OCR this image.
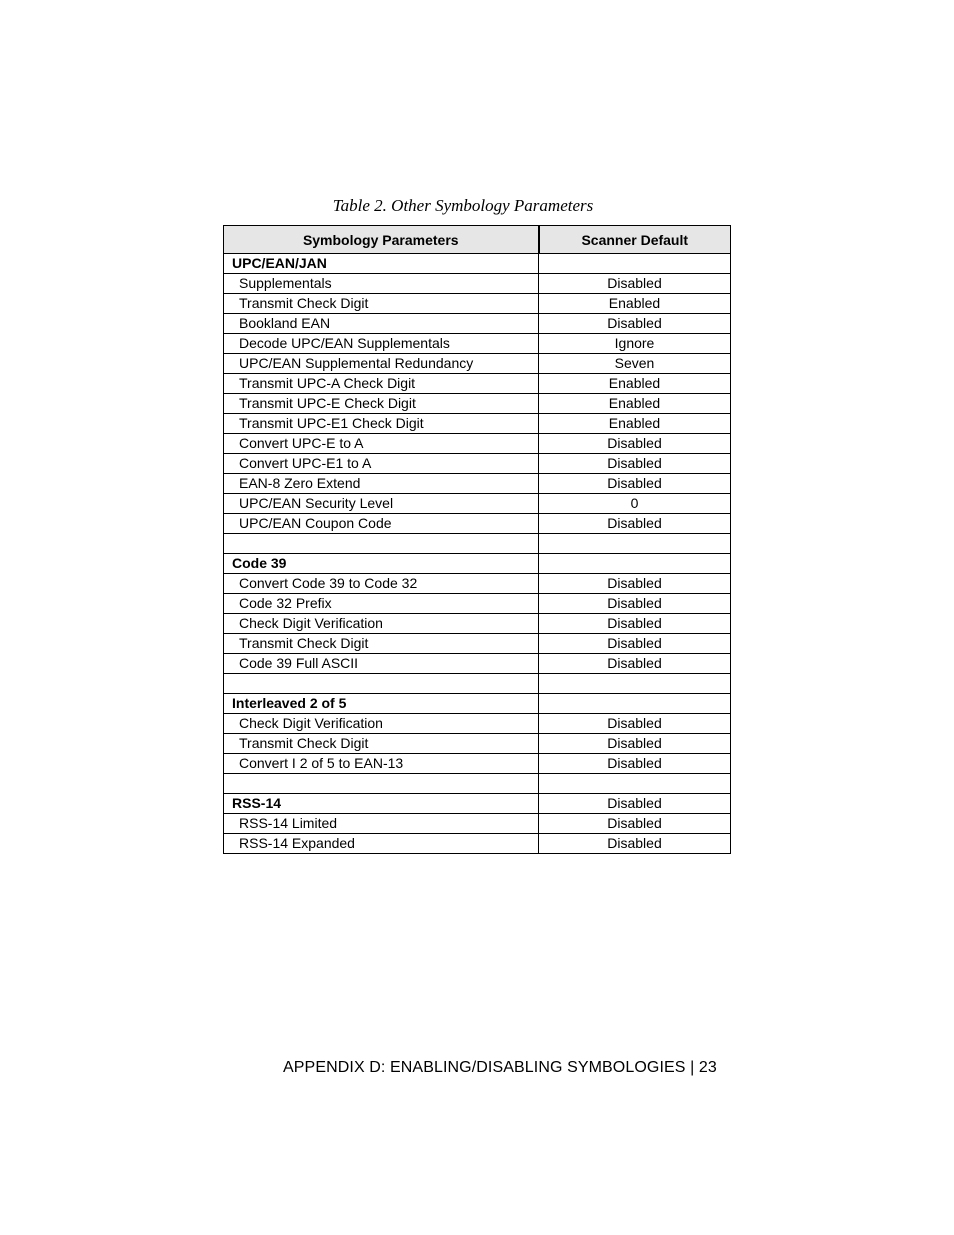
Table 2. Other Symbology Parameters
Symbology Parameters	Scanner Default
UPC/EAN/JAN	
Supplementals	Disabled
Transmit Check Digit	Enabled
Bookland EAN	Disabled
Decode UPC/EAN Supplementals	Ignore
UPC/EAN Supplemental Redundancy	Seven
Transmit UPC-A Check Digit	Enabled
Transmit UPC-E Check Digit	Enabled
Transmit UPC-E1 Check Digit	Enabled
Convert UPC-E to A	Disabled
Convert UPC-E1 to A	Disabled
EAN-8 Zero Extend	Disabled
UPC/EAN Security Level	0
UPC/EAN Coupon Code	Disabled

Code 39	
Convert Code 39 to Code 32	Disabled
Code 32 Prefix	Disabled
Check Digit Verification	Disabled
Transmit Check Digit	Disabled
Code 39 Full ASCII	Disabled

Interleaved 2 of 5	
Check Digit Verification	Disabled
Transmit Check Digit	Disabled
Convert I 2 of 5 to EAN-13	Disabled

RSS-14	Disabled
RSS-14 Limited	Disabled
RSS-14 Expanded	Disabled
APPENDIX D: ENABLING/DISABLING SYMBOLOGIES | 23
